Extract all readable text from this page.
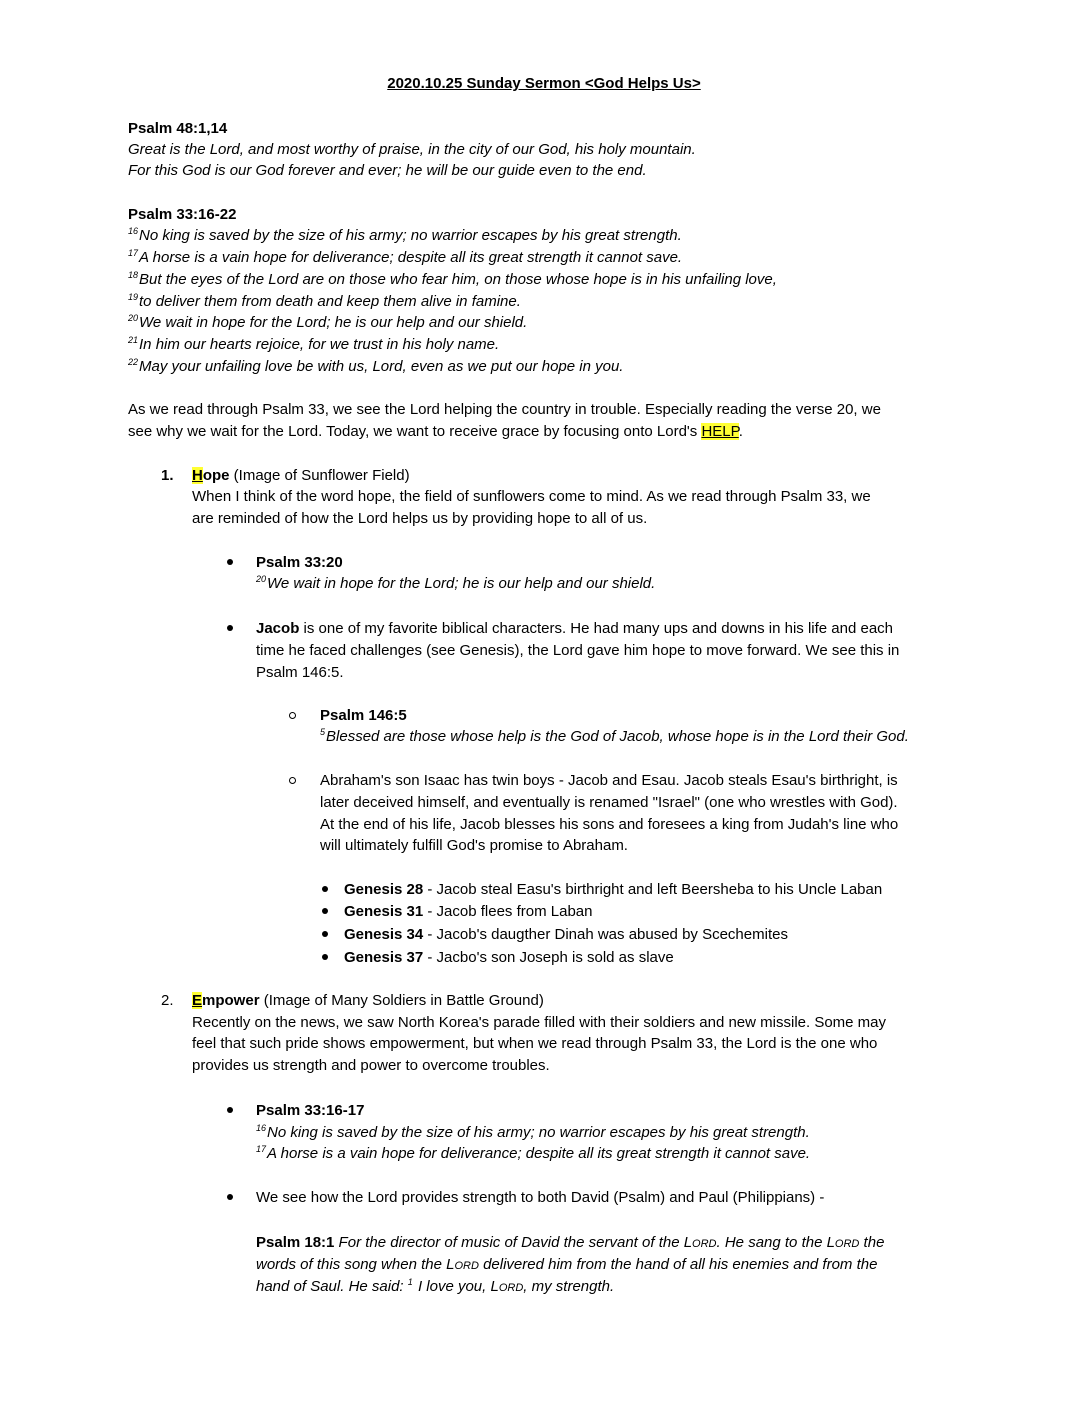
2020.10.25 Sunday Sermon <God Helps Us>
Psalm 48:1,14
Great is the Lord, and most worthy of praise, in the city of our God, his holy mountain.
For this God is our God forever and ever; he will be our guide even to the end.
Psalm 33:16-22
$^{16}$No king is saved by the size of his army; no warrior escapes by his great strength.
$^{17}$A horse is a vain hope for deliverance; despite all its great strength it cannot save.
$^{18}$But the eyes of the Lord are on those who fear him, on those whose hope is in his unfailing love,
$^{19}$to deliver them from death and keep them alive in famine.
$^{20}$We wait in hope for the Lord; he is our help and our shield.
$^{21}$In him our hearts rejoice, for we trust in his holy name.
$^{22}$May your unfailing love be with us, Lord, even as we put our hope in you.
As we read through Psalm 33, we see the Lord helping the country in trouble. Especially reading the verse 20, we
see why we wait for the Lord. Today, we want to receive grace by focusing onto Lord's HELP.
1. Hope (Image of Sunflower Field)
When I think of the word hope, the field of sunflowers come to mind. As we read through Psalm 33, we
are reminded of how the Lord helps us by providing hope to all of us.
Psalm 33:20
$^{20}$We wait in hope for the Lord; he is our help and our shield.
Jacob is one of my favorite biblical characters. He had many ups and downs in his life and each
time he faced challenges (see Genesis), the Lord gave him hope to move forward. We see this in
Psalm 146:5.
Psalm 146:5
$^5$Blessed are those whose help is the God of Jacob, whose hope is in the Lord their God.
Abraham's son Isaac has twin boys - Jacob and Esau. Jacob steals Esau's birthright, is
later deceived himself, and eventually is renamed "Israel" (one who wrestles with God).
At the end of his life, Jacob blesses his sons and foresees a king from Judah's line who
will ultimately fulfill God's promise to Abraham.
Genesis 28 - Jacob steal Easu's birthright and left Beersheba to his Uncle Laban
Genesis 31 - Jacob flees from Laban
Genesis 34 - Jacob's daugther Dinah was abused by Scechemites
Genesis 37 - Jacbo's son Joseph is sold as slave
2. Empower (Image of Many Soldiers in Battle Ground)
Recently on the news, we saw North Korea's parade filled with their soldiers and new missile. Some may
feel that such pride shows empowerment, but when we read through Psalm 33, the Lord is the one who
provides us strength and power to overcome troubles.
Psalm 33:16-17
$^{16}$No king is saved by the size of his army; no warrior escapes by his great strength.
$^{17}$A horse is a vain hope for deliverance; despite all its great strength it cannot save.
We see how the Lord provides strength to both David (Psalm) and Paul (Philippians) -
Psalm 18:1 For the director of music of David the servant of the Lord. He sang to the Lord the
words of this song when the Lord delivered him from the hand of all his enemies and from the
hand of Saul. He said: $^1$ I love you, Lord, my strength.
